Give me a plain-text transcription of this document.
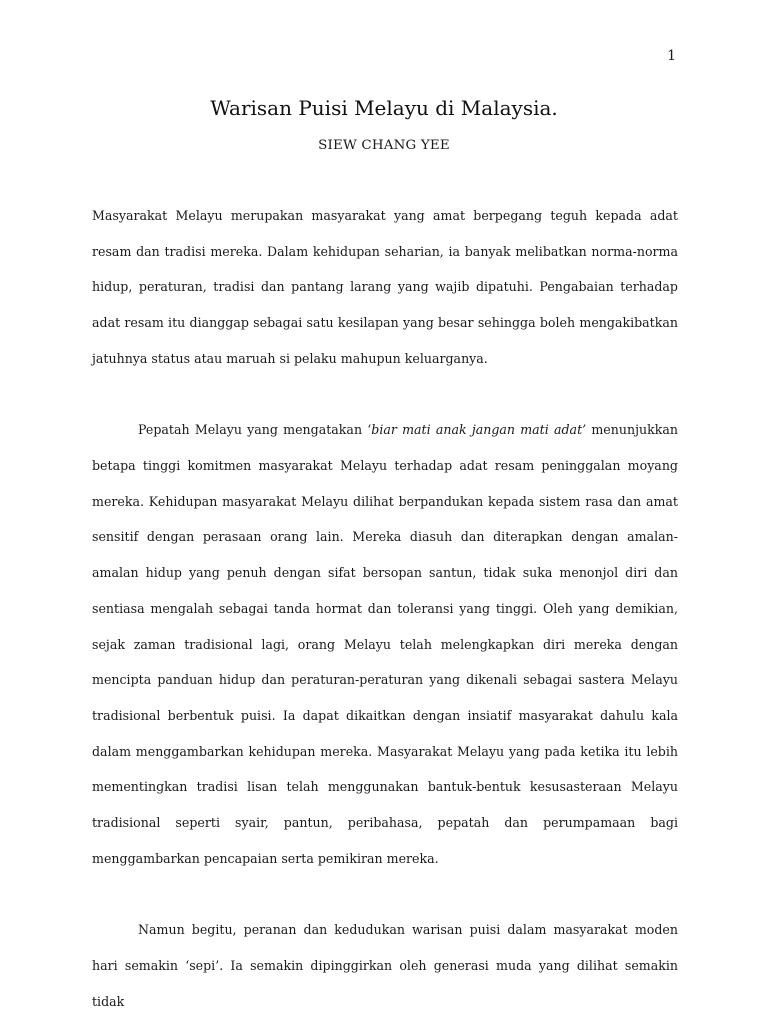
1

Warisan Puisi Melayu di Malaysia.

SIEW CHANG YEE

Masyarakat Melayu merupakan masyarakat yang amat berpegang teguh kepada adat resam dan tradisi mereka. Dalam kehidupan seharian, ia banyak melibatkan norma-norma hidup, peraturan, tradisi dan pantang larang yang wajib dipatuhi. Pengabaian terhadap adat resam itu dianggap sebagai satu kesilapan yang besar sehingga boleh mengakibatkan jatuhnya status atau maruah si pelaku mahupun keluarganya.

Pepatah Melayu yang mengatakan ‘biar mati anak jangan mati adat’ menunjukkan betapa tinggi komitmen masyarakat Melayu terhadap adat resam peninggalan moyang mereka. Kehidupan masyarakat Melayu dilihat berpandukan kepada sistem rasa dan amat sensitif dengan perasaan orang lain. Mereka diasuh dan diterapkan dengan amalan-amalan hidup yang penuh dengan sifat bersopan santun, tidak suka menonjol diri dan sentiasa mengalah sebagai tanda hormat dan toleransi yang tinggi. Oleh yang demikian, sejak zaman tradisional lagi, orang Melayu telah melengkapkan diri mereka dengan mencipta panduan hidup dan peraturan-peraturan yang dikenali sebagai sastera Melayu tradisional berbentuk puisi. Ia dapat dikaitkan dengan insiatif masyarakat dahulu kala dalam menggambarkan kehidupan mereka. Masyarakat Melayu yang pada ketika itu lebih mementingkan tradisi lisan telah menggunakan bantuk-bentuk kesusasteraan Melayu tradisional seperti syair, pantun, peribahasa, pepatah dan perumpamaan bagi menggambarkan pencapaian serta pemikiran mereka.

Namun begitu, peranan dan kedudukan warisan puisi dalam masyarakat moden hari semakin ‘sepi’. Ia semakin dipinggirkan oleh generasi muda yang dilihat semakin tidak
